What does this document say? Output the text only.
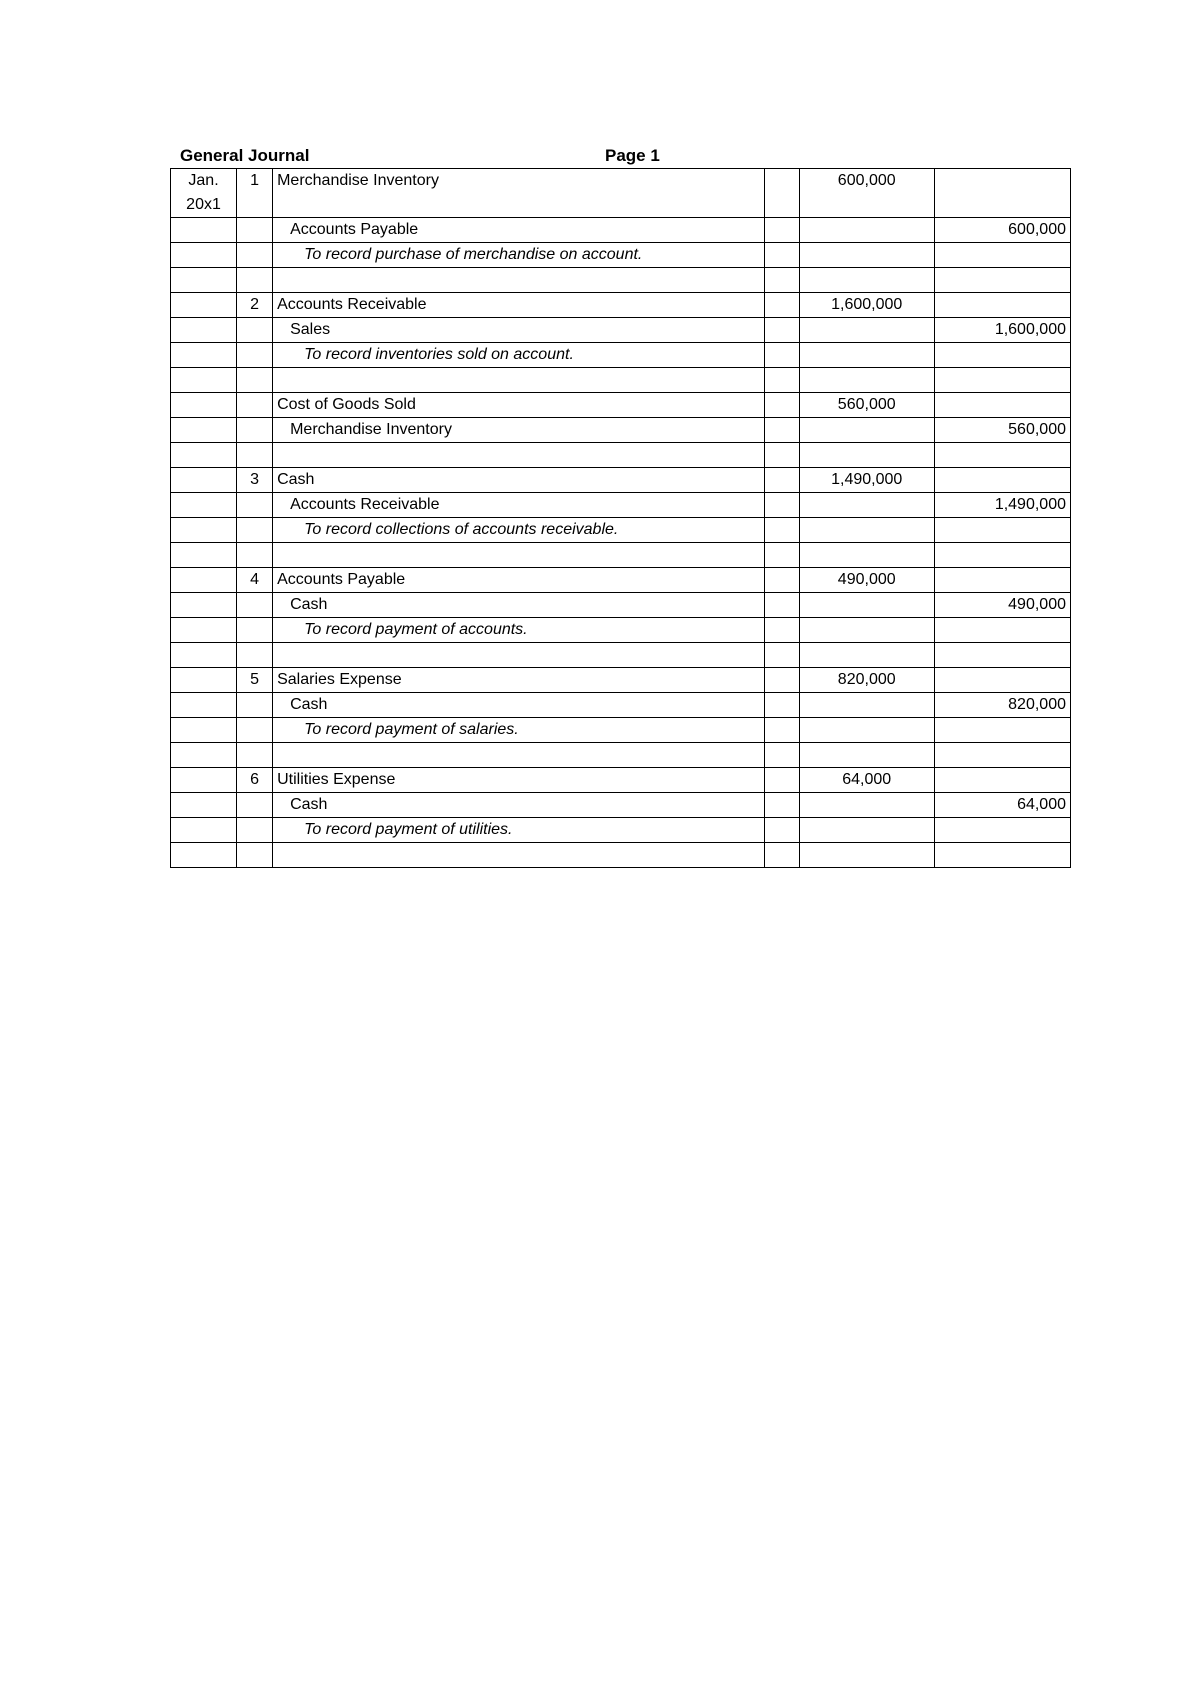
General Journal	Page 1
Jan.
20x1	1	Merchandise Inventory		600,000	
		Accounts Payable			600,000
		To record purchase of merchandise on account.			

	2	Accounts Receivable		1,600,000	
		Sales			1,600,000
		To record inventories sold on account.			

		Cost of Goods Sold		560,000	
		Merchandise Inventory			560,000

	3	Cash		1,490,000	
		Accounts Receivable			1,490,000
		To record collections of accounts receivable.			

	4	Accounts Payable		490,000	
		Cash			490,000
		To record payment of accounts.			

	5	Salaries Expense		820,000	
		Cash			820,000
		To record payment of salaries.			

	6	Utilities Expense		64,000	
		Cash			64,000
		To record payment of utilities.			
